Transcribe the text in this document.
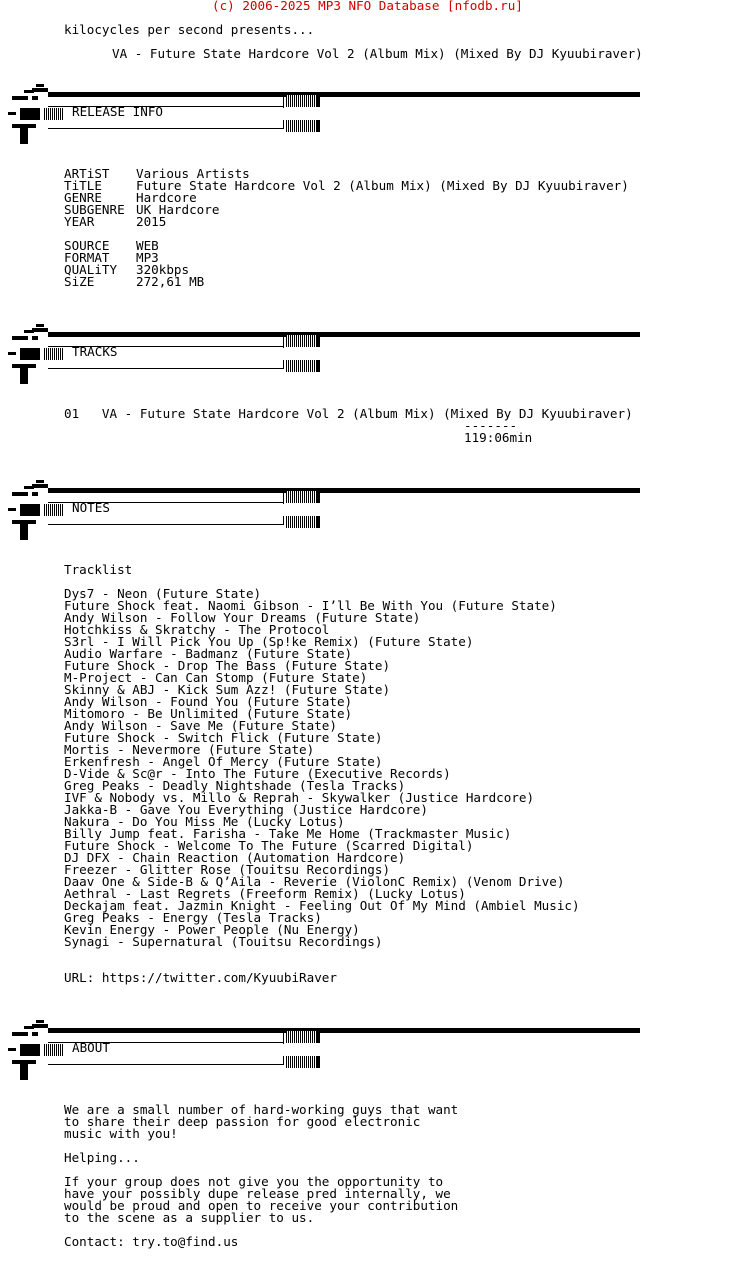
(c) 2006-2025 MP3 NFO Database [nfodb.ru]
kilocycles per second presents...
VA - Future State Hardcore Vol 2 (Album Mix) (Mixed By DJ Kyuubiraver)
RELEASE INFO
ARTiST Various Artists
TiTLE	Future State Hardcore Vol 2 (Album Mix) (Mixed By DJ Kyuubiraver)
GENRE	Hardcore
SUBGENRE UK Hardcore
YEAR	2015
SOURCE WEB
FORMAT MP3
QUALiTY 320kbps
SiZE	272,61 MB
TRACKS
01   VA - Future State Hardcore Vol 2 (Album Mix) (Mixed By DJ Kyuubiraver)
-------
119:06min
NOTES
Tracklist
Dys7 - Neon (Future State)
Future Shock feat. Naomi Gibson - I’ll Be With You (Future State)
Andy Wilson - Follow Your Dreams (Future State)
Hotchkiss & Skratchy - The Protocol
S3rl - I Will Pick You Up (Sp!ke Remix) (Future State)
Audio Warfare - Badmanz (Future State)
Future Shock - Drop The Bass (Future State)
M-Project - Can Can Stomp (Future State)
Skinny & ABJ - Kick Sum Azz! (Future State)
Andy Wilson - Found You (Future State)
Mitomoro - Be Unlimited (Future State)
Andy Wilson - Save Me (Future State)
Future Shock - Switch Flick (Future State)
Mortis - Nevermore (Future State)
Erkenfresh - Angel Of Mercy (Future State)
D-Vide & Sc@r - Into The Future (Executive Records)
Greg Peaks - Deadly Nightshade (Tesla Tracks)
IVF & Nobody vs. Millo & Reprah - Skywalker (Justice Hardcore)
Jakka-B - Gave You Everything (Justice Hardcore)
Nakura - Do You Miss Me (Lucky Lotus)
Billy Jump feat. Farisha - Take Me Home (Trackmaster Music)
Future Shock - Welcome To The Future (Scarred Digital)
DJ DFX - Chain Reaction (Automation Hardcore)
Freezer - Glitter Rose (Touitsu Recordings)
Daav One & Side-B & Q’Aila - Reverie (ViolonC Remix) (Venom Drive)
Aethral - Last Regrets (Freeform Remix) (Lucky Lotus)
Deckajam feat. Jazmin Knight - Feeling Out Of My Mind (Ambiel Music)
Greg Peaks - Energy (Tesla Tracks)
Kevin Energy - Power People (Nu Energy)
Synagi - Supernatural (Touitsu Recordings)
URL: https://twitter.com/KyuubiRaver
ABOUT
We are a small number of hard-working guys that want
to share their deep passion for good electronic
music with you!
Helping...
If your group does not give you the opportunity to
have your possibly dupe release pred internally, we
would be proud and open to receive your contribution
to the scene as a supplier to us.
Contact: try.to@find.us
